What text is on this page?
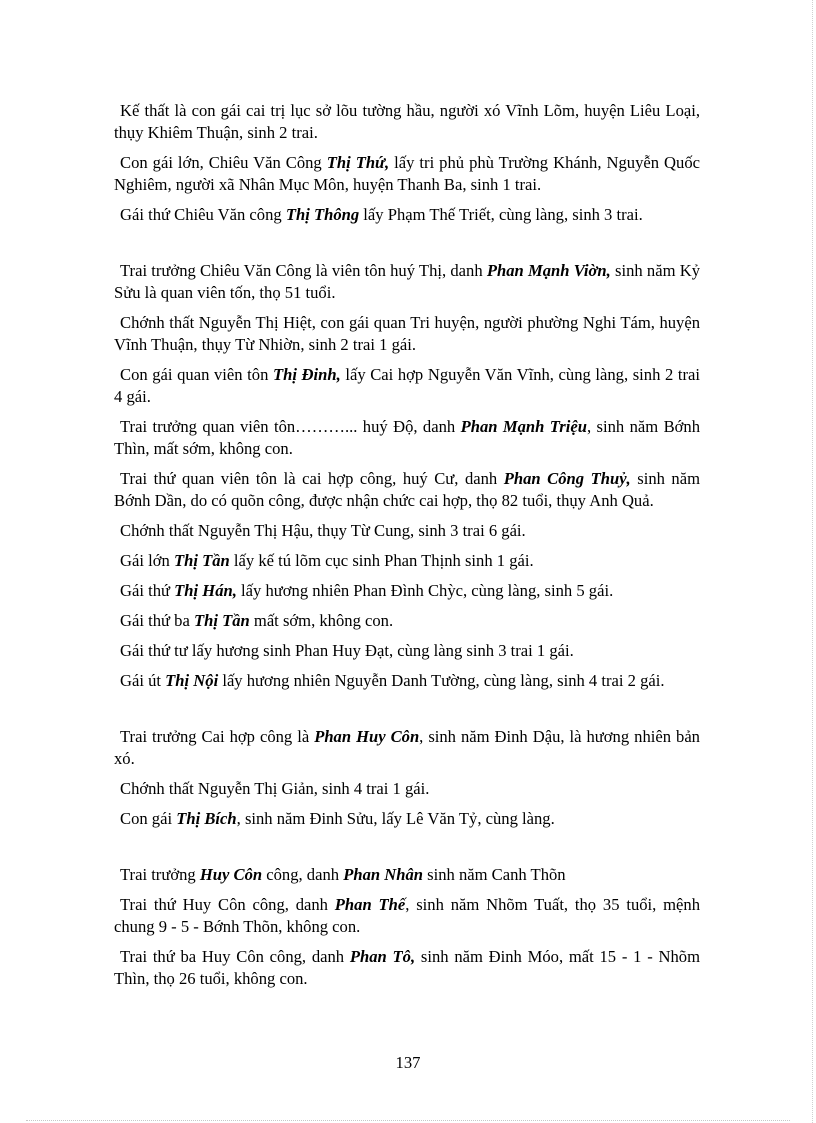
Kế thất là con gái cai trị lục sở lõu tường hầu, người xó Vĩnh Lõm, huyện Liêu Loại, thụy Khiêm Thuận, sinh 2 trai.

Con gái lớn, Chiêu Văn Công Thị Thứ, lấy tri phủ phù Trường Khánh, Nguyễn Quốc Nghiêm, người xã Nhân Mục Môn, huyện Thanh Ba, sinh 1 trai.

Gái thứ Chiêu Văn công Thị Thông lấy Phạm Thế Triết, cùng làng, sinh 3 trai.

Trai trưởng Chiêu Văn Công là viên tôn huý Thị, danh Phan Mạnh Viờn, sinh năm Kỷ Sửu là quan viên tốn, thọ 51 tuổi.

Chớnh thất Nguyễn Thị Hiệt, con gái quan Tri huyện, người phường Nghi Tám, huyện Vĩnh Thuận, thụy Từ Nhiờn, sinh 2 trai 1 gái.

Con gái quan viên tôn Thị Đinh, lấy Cai hợp Nguyễn Văn Vĩnh, cùng làng, sinh 2 trai 4 gái.

Trai trưởng quan viên tôn………... huý Độ, danh Phan Mạnh Triệu, sinh năm Bớnh Thìn, mất sớm, không con.

Trai thứ quan viên tôn là cai hợp công, huý Cư, danh Phan Công Thuỷ, sinh năm Bớnh Dần, do có quõn công, được nhận chức cai hợp, thọ 82 tuổi, thụy Anh Quả.

Chớnh thất Nguyễn Thị Hậu, thụy Từ Cung, sinh 3 trai 6 gái.

Gái lớn Thị Tần lấy kế tú lõm cục sinh Phan Thịnh sinh 1 gái.

Gái thứ Thị Hán, lấy hương nhiên Phan Đình Chỳc, cùng làng, sinh 5 gái.

Gái thứ ba Thị Tần mất sớm, không con.

Gái thứ tư lấy hương sinh Phan Huy Đạt, cùng làng sinh 3 trai 1 gái.

Gái út Thị Nội lấy hương nhiên Nguyễn Danh Tường, cùng làng, sinh 4 trai 2 gái.

Trai trưởng Cai hợp công là Phan Huy Côn, sinh năm Đinh Dậu, là hương nhiên bản xó.

Chớnh thất Nguyễn Thị Giản, sinh 4 trai 1 gái.

Con gái Thị Bích, sinh năm Đinh Sửu, lấy Lê Văn Tỷ, cùng làng.

Trai trưởng Huy Côn công, danh Phan Nhân sinh năm Canh Thõn

Trai thứ Huy Côn công, danh Phan Thế, sinh năm Nhõm Tuất, thọ 35 tuổi, mệnh chung 9 - 5 - Bớnh Thõn, không con.

Trai thứ ba Huy Côn công, danh Phan Tô, sinh năm Đinh Móo, mất 15 - 1 - Nhõm Thìn, thọ 26 tuổi, không con.

137
